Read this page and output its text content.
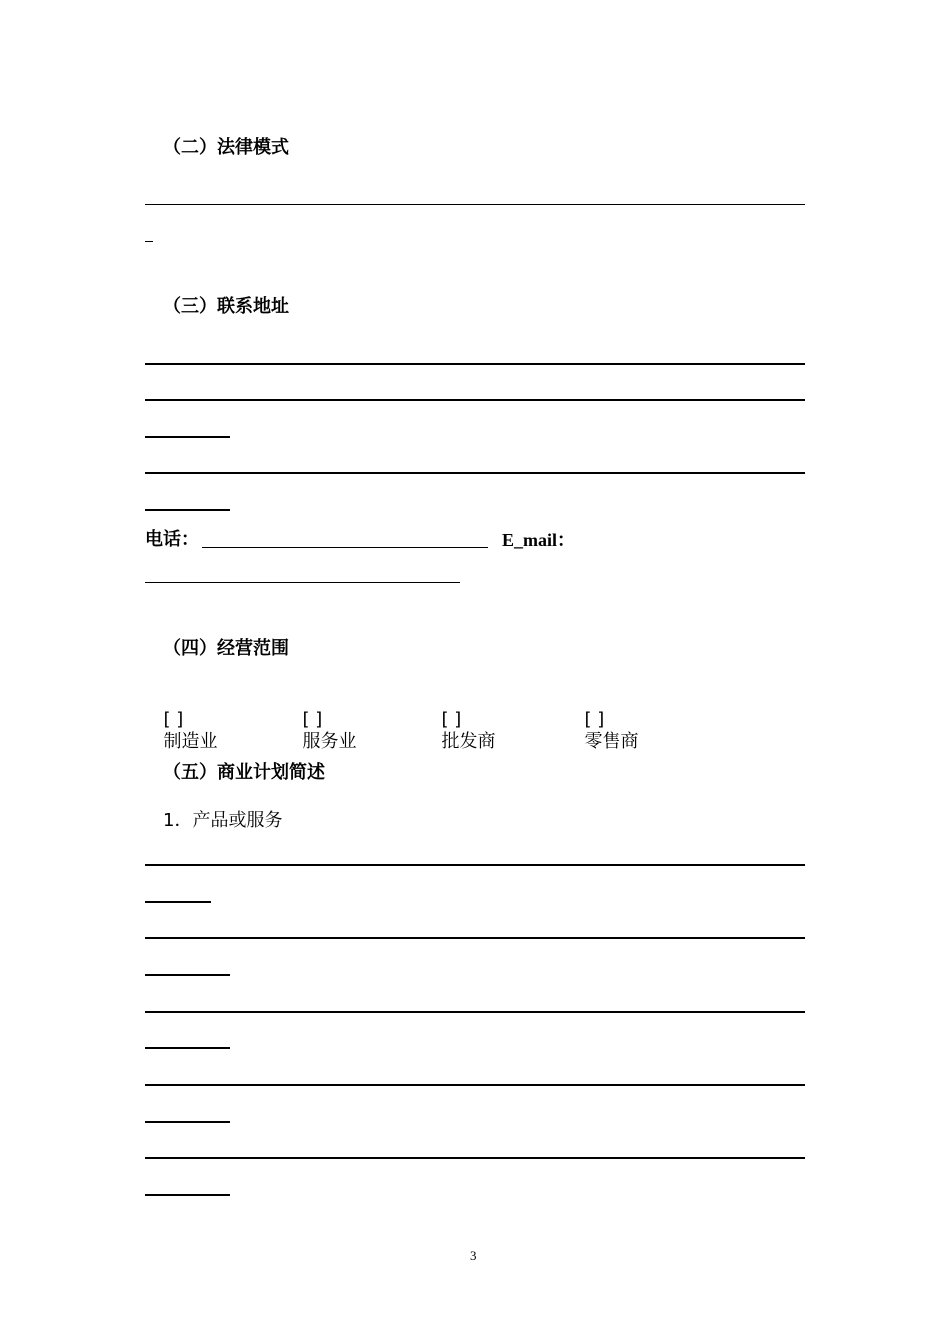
（二）法律模式
（三）联系地址
电话：	E_mail：
（四）经营范围

[ ]
制造业

[ ]
服务业

[ ]
批发商

[ ]
零售商

（五）商业计划简述
1．产品或服务
3
